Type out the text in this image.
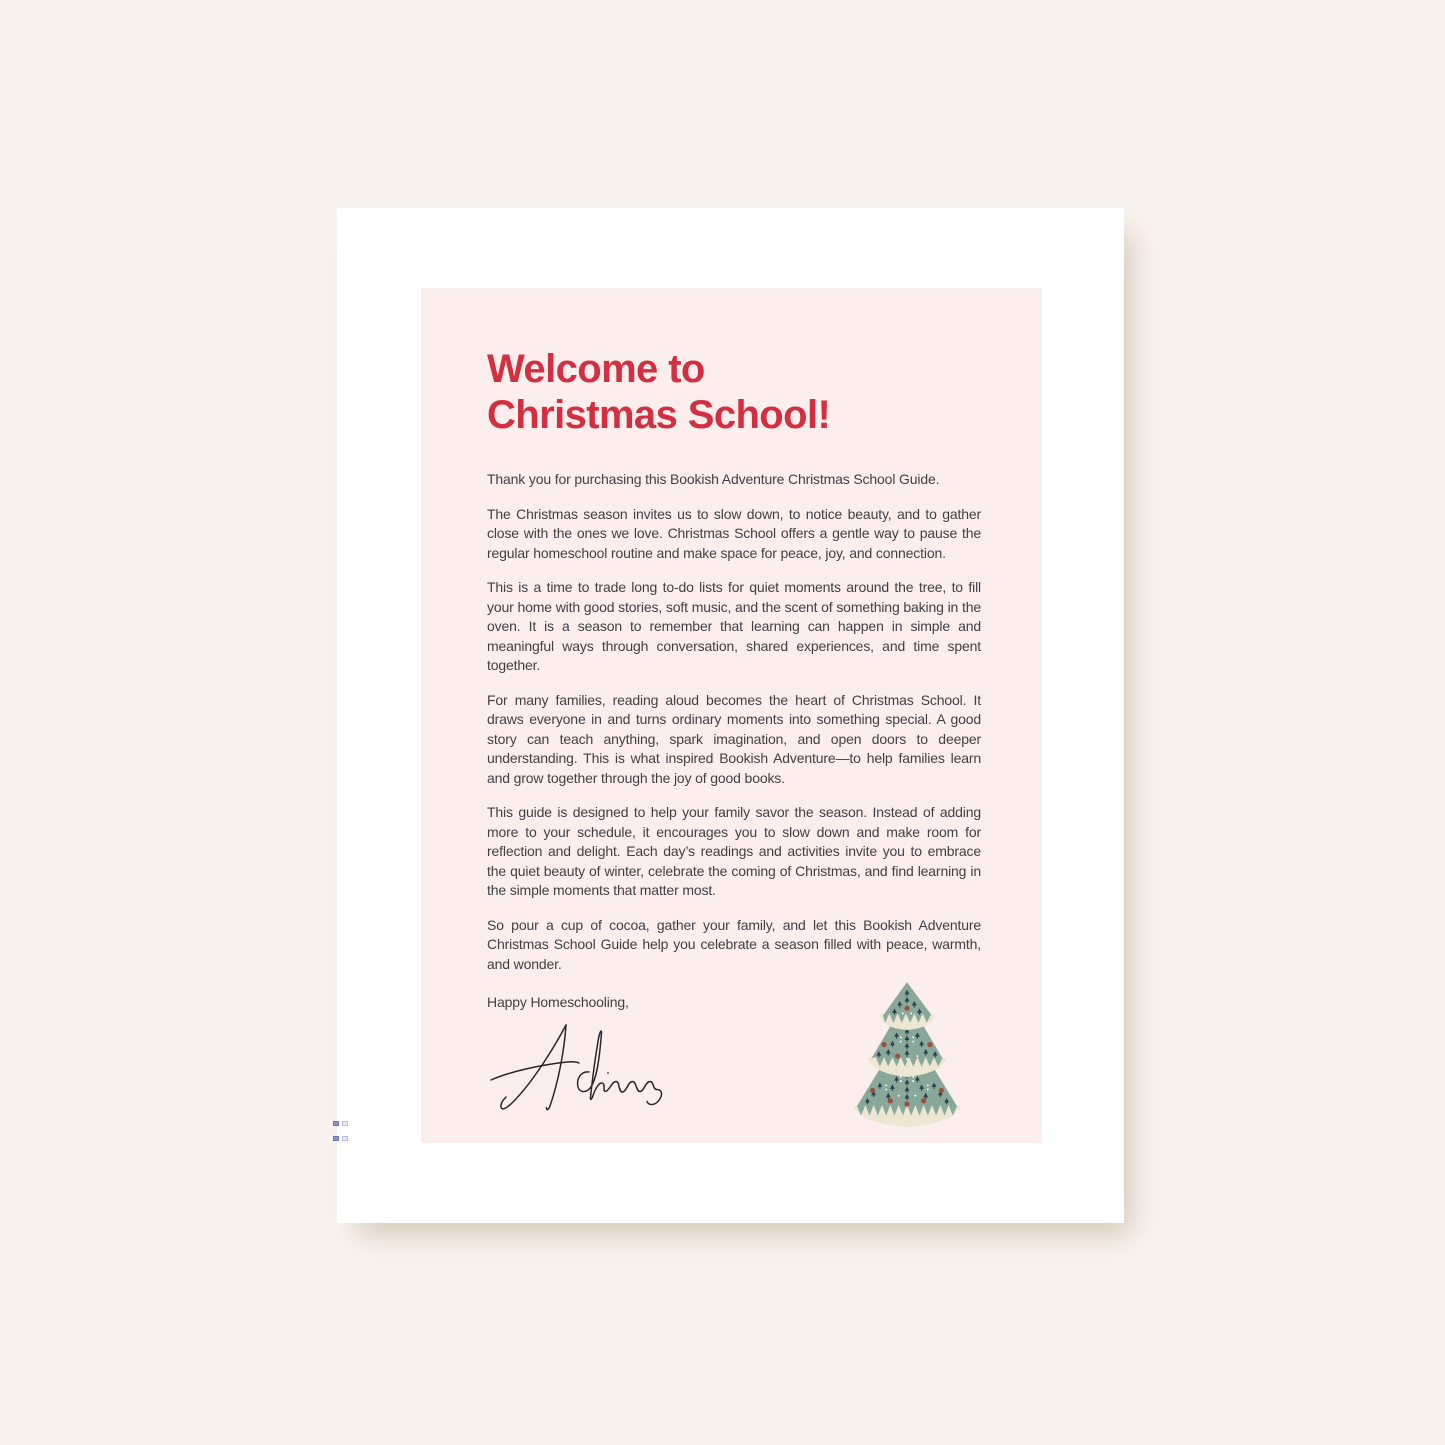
Welcome to
Christmas School!

Thank you for purchasing this Bookish Adventure Christmas School Guide.

The Christmas season invites us to slow down, to notice beauty, and to gather close with the ones we love. Christmas School offers a gentle way to pause the regular homeschool routine and make space for peace, joy, and connection.

This is a time to trade long to-do lists for quiet moments around the tree, to fill your home with good stories, soft music, and the scent of something baking in the oven. It is a season to remember that learning can happen in simple and meaningful ways through conversation, shared experiences, and time spent together.

For many families, reading aloud becomes the heart of Christmas School. It draws everyone in and turns ordinary moments into something special. A good story can teach anything, spark imagination, and open doors to deeper understanding. This is what inspired Bookish Adventure—to help families learn and grow together through the joy of good books.

This guide is designed to help your family savor the season. Instead of adding more to your schedule, it encourages you to slow down and make room for reflection and delight. Each day’s readings and activities invite you to embrace the quiet beauty of winter, celebrate the coming of Christmas, and find learning in the simple moments that matter most.

So pour a cup of cocoa, gather your family, and let this Bookish Adventure Christmas School Guide help you celebrate a season filled with peace, warmth, and wonder.

Happy Homeschooling,
